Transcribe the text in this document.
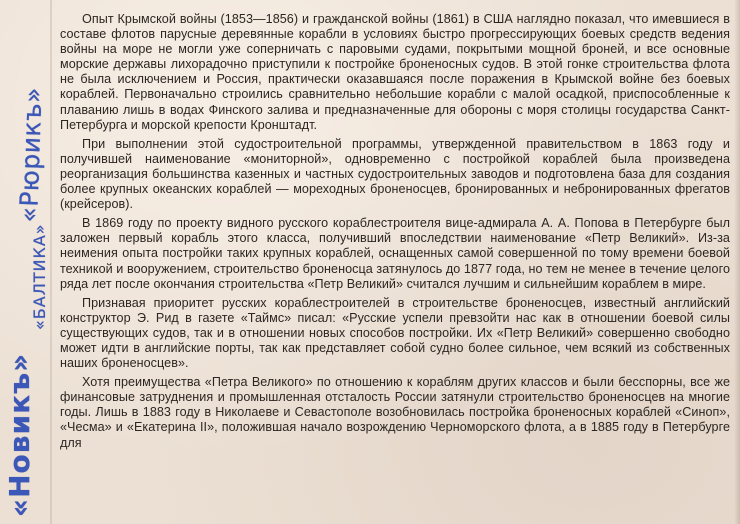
Опыт Крымской войны (1853—1856) и гражданской войны (1861) в США наглядно показал, что имевшиеся в составе флотов парусные деревянные корабли в условиях быстро прогрессирующих боевых средств ведения войны на море не могли уже соперничать с паровыми судами, покрытыми мощной броней, и все основные морские державы лихорадочно приступили к постройке броненосных судов. В этой гонке строительства флота не была исключением и Россия, практически оказавшаяся после поражения в Крымской войне без боевых кораблей. Первоначально строились сравнительно небольшие корабли с малой осадкой, приспособленные к плаванию лишь в водах Финского залива и предназначенные для обороны с моря столицы государства Санкт-Петербурга и морской крепости Кронштадт.

При выполнении этой судостроительной программы, утвержденной правительством в 1863 году и получившей наименование «мониторной», одновременно с постройкой кораблей была произведена реорганизация большинства казенных и частных судостроительных заводов и подготовлена база для создания более крупных океанских кораблей — мореходных броненосцев, бронированных и небронированных фрегатов (крейсеров).

В 1869 году по проекту видного русского кораблестроителя вице-адмирала А. А. Попова в Петербурге был заложен первый корабль этого класса, получивший впоследствии наименование «Петр Великий». Из-за неимения опыта постройки таких крупных кораблей, оснащенных самой совершенной по тому времени боевой техникой и вооружением, строительство броненосца затянулось до 1877 года, но тем не менее в течение целого ряда лет после окончания строительства «Петр Великий» считался лучшим и сильнейшим кораблем в мире.

Признавая приоритет русских кораблестроителей в строительстве броненосцев, известный английский конструктор Э. Рид в газете «Таймс» писал: «Русские успели превзойти нас как в отношении боевой силы существующих судов, так и в отношении новых способов постройки. Их «Петр Великий» совершенно свободно может идти в английские порты, так как представляет собой судно более сильное, чем всякий из собственных наших броненосцев».

Хотя преимущества «Петра Великого» по отношению к кораблям других классов и были бесспорны, все же финансовые затруднения и промышленная отсталость России затянули строительство броненосцев на многие годы. Лишь в 1883 году в Николаеве и Севастополе возобновилась постройка броненосных кораблей «Синоп», «Чесма» и «Екатерина II», положившая начало возрождению Черноморского флота, а в 1885 году в Петербурге для

«Новикъ»
«БАЛТИКА»
«Рюрикъ»
